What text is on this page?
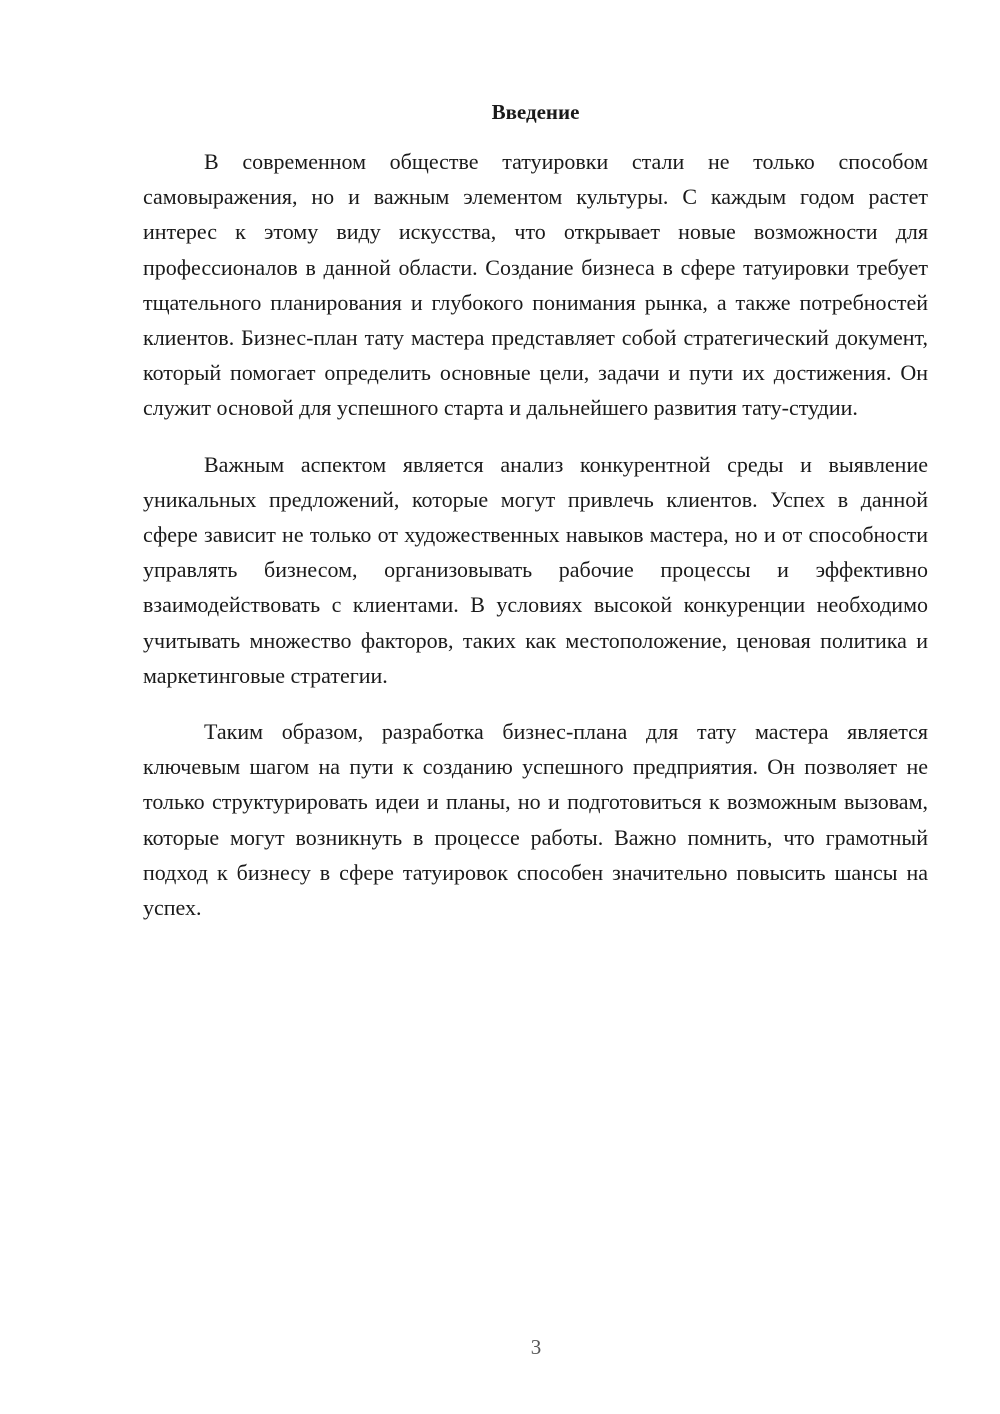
Введение

В современном обществе татуировки стали не только способом самовыражения, но и важным элементом культуры. С каждым годом растет интерес к этому виду искусства, что открывает новые возможности для профессионалов в данной области. Создание бизнеса в сфере татуировки требует тщательного планирования и глубокого понимания рынка, а также потребностей клиентов. Бизнес-план тату мастера представляет собой стратегический документ, который помогает определить основные цели, задачи и пути их достижения. Он служит основой для успешного старта и дальнейшего развития тату-студии.

Важным аспектом является анализ конкурентной среды и выявление уникальных предложений, которые могут привлечь клиентов. Успех в данной сфере зависит не только от художественных навыков мастера, но и от способности управлять бизнесом, организовывать рабочие процессы и эффективно взаимодействовать с клиентами. В условиях высокой конкуренции необходимо учитывать множество факторов, таких как местоположение, ценовая политика и маркетинговые стратегии.

Таким образом, разработка бизнес-плана для тату мастера является ключевым шагом на пути к созданию успешного предприятия. Он позволяет не только структурировать идеи и планы, но и подготовиться к возможным вызовам, которые могут возникнуть в процессе работы. Важно помнить, что грамотный подход к бизнесу в сфере татуировок способен значительно повысить шансы на успех.

3
